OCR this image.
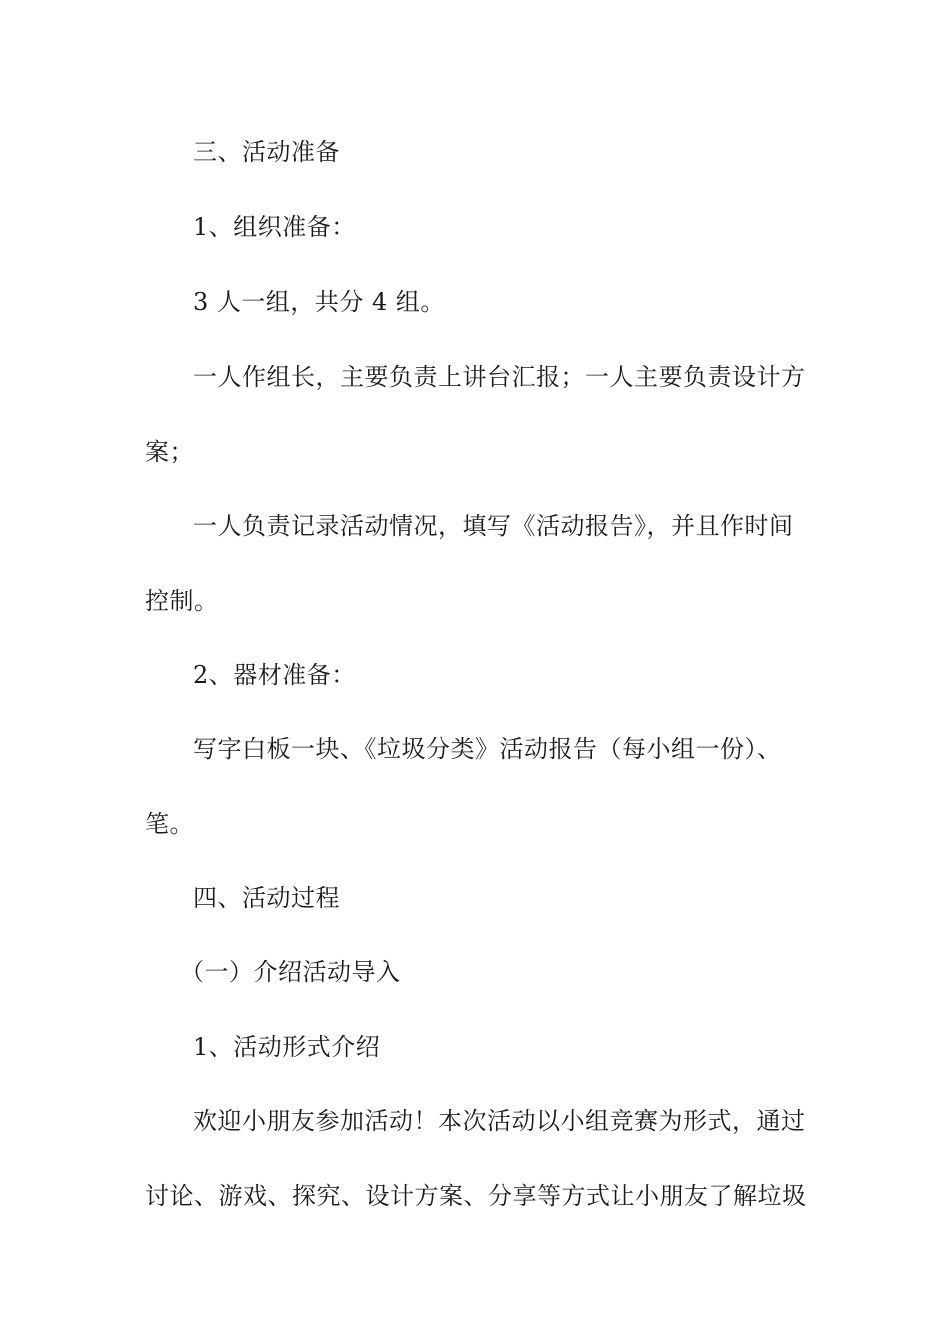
三、活动准备
1、组织准备：
3 人一组，共分 4 组。
一人作组长，主要负责上讲台汇报；一人主要负责设计方
案；
一人负责记录活动情况，填写《活动报告》，并且作时间
控制。
2、器材准备：
写字白板一块、《垃圾分类》活动报告（每小组一份）、
笔。
四、活动过程
（一）介绍活动导入
1、活动形式介绍
欢迎小朋友参加活动！本次活动以小组竞赛为形式，通过
讨论、游戏、探究、设计方案、分享等方式让小朋友了解垃圾
